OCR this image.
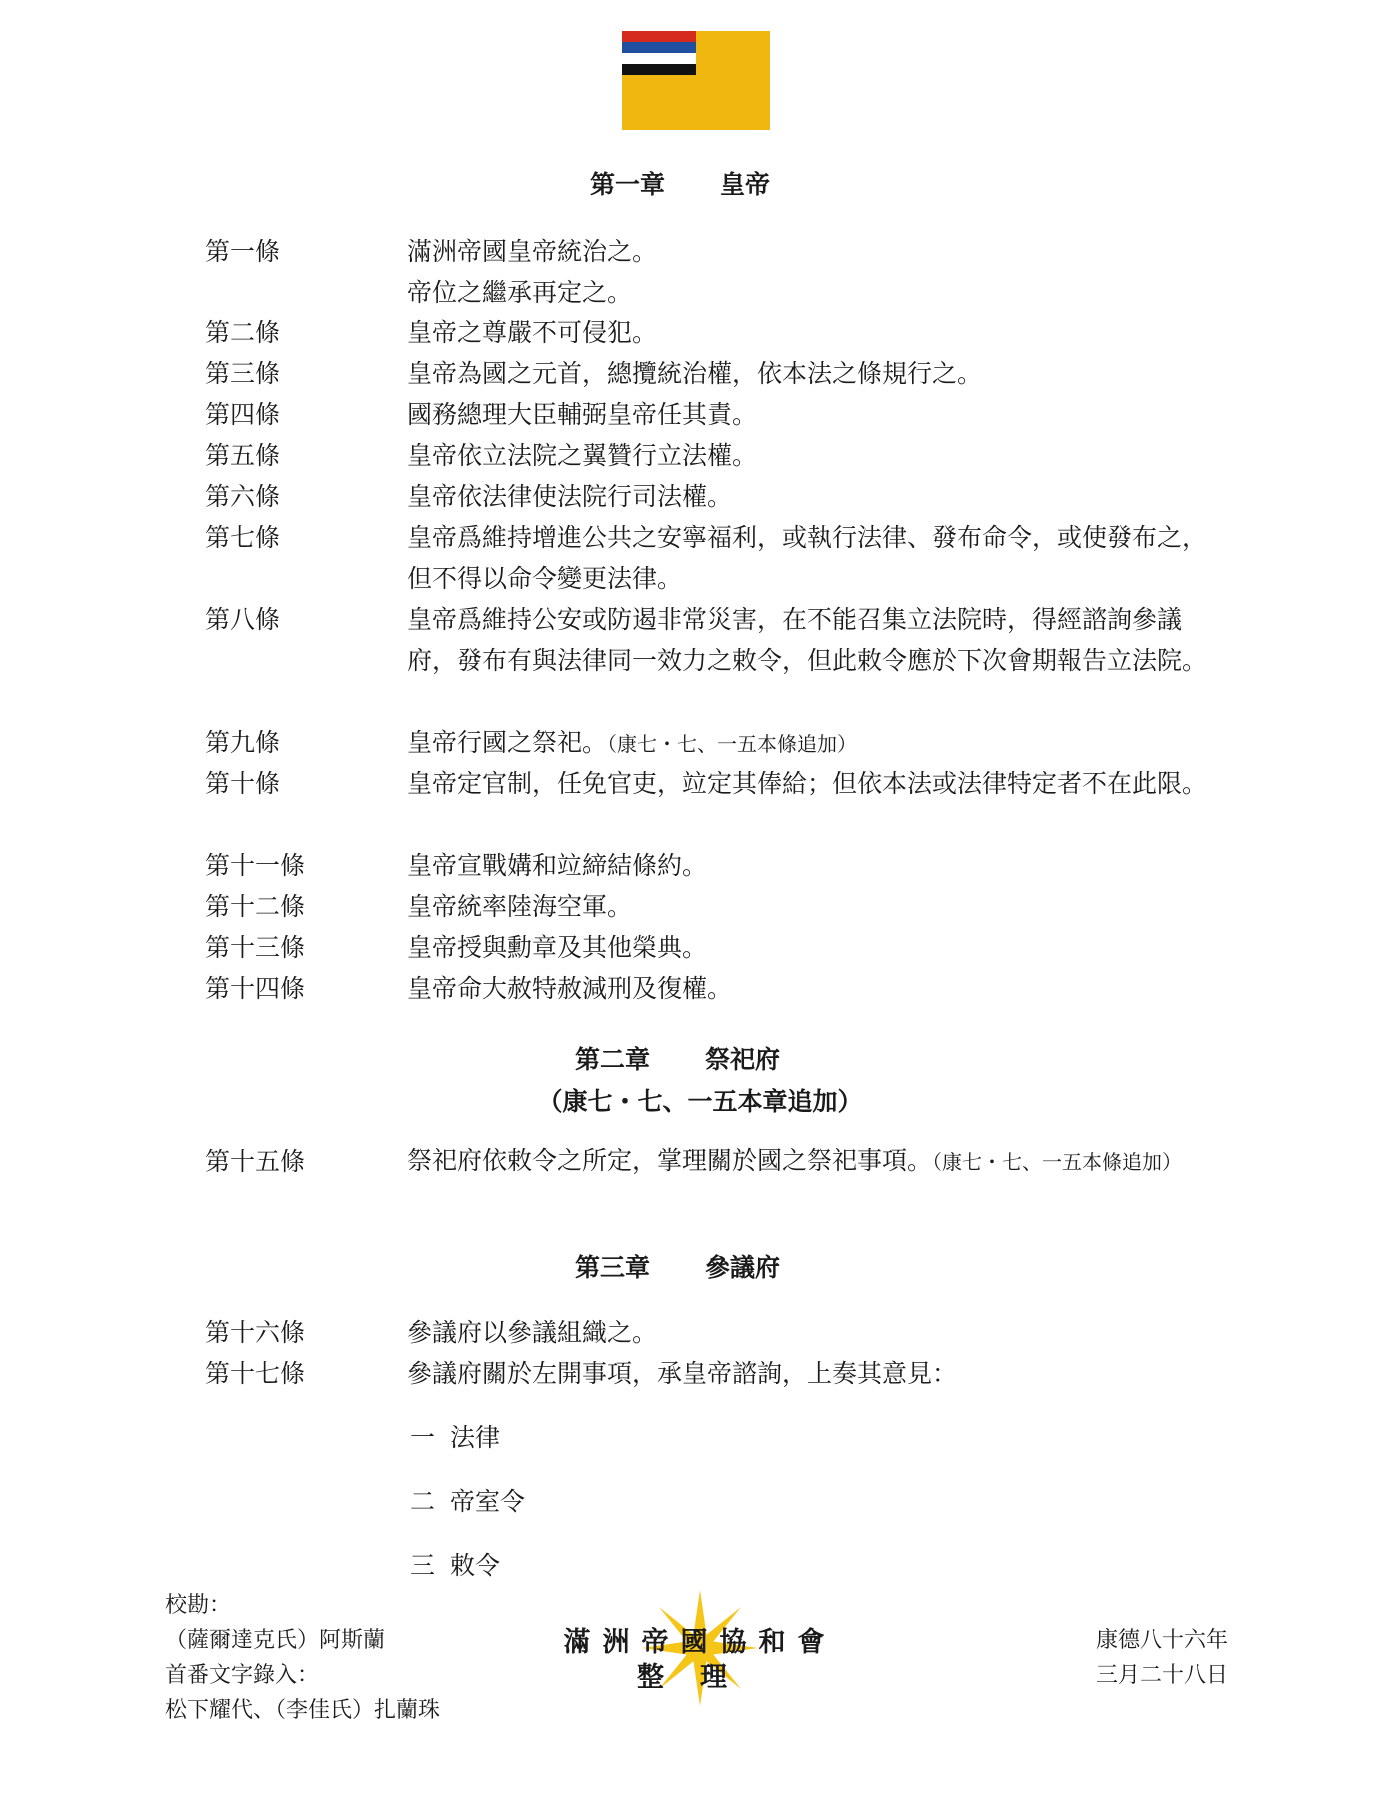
第一章 皇帝
第一條	滿洲帝國皇帝統治之。

帝位之繼承再定之。

第二條	皇帝之尊嚴不可侵犯。

第三條	皇帝為國之元首，總攬統治權，依本法之條規行之。

第四條	國務總理大臣輔弼皇帝任其責。

第五條	皇帝依立法院之翼贊行立法權。

第六條	皇帝依法律使法院行司法權。

第七條	皇帝爲維持增進公共之安寧福利，或執行法律、發布命令，或使發布之，但不得以命令變更法律。

第八條	皇帝爲維持公安或防遏非常災害，在不能召集立法院時，得經諮詢參議府，發布有與法律同一效力之敕令，但此敕令應於下次會期報告立法院。

第九條	皇帝行國之祭祀。（康七・七、一五本條追加）

第十條	皇帝定官制，任免官吏，竝定其俸給；但依本法或法律特定者不在此限。

第十一條	皇帝宣戰媾和竝締結條約。

第十二條	皇帝統率陸海空軍。

第十三條	皇帝授與勳章及其他榮典。

第十四條	皇帝命大赦特赦減刑及復權。

第二章 祭祀府
（康七・七、一五本章追加）
第十五條	祭祀府依敕令之所定，掌理關於國之祭祀事項。（康七・七、一五本條追加）

第三章 參議府
第十六條	參議府以參議組織之。

第十七條	參議府關於左開事項，承皇帝諮詢，上奏其意見：

一 法律
二 帝室令
三 敕令
校勘：
（薩爾達克氏）阿斯蘭
首番文字錄入：
松下耀代、（李佳氏）扎蘭珠
滿洲帝國協和會
整理
康德八十六年
三月二十八日
